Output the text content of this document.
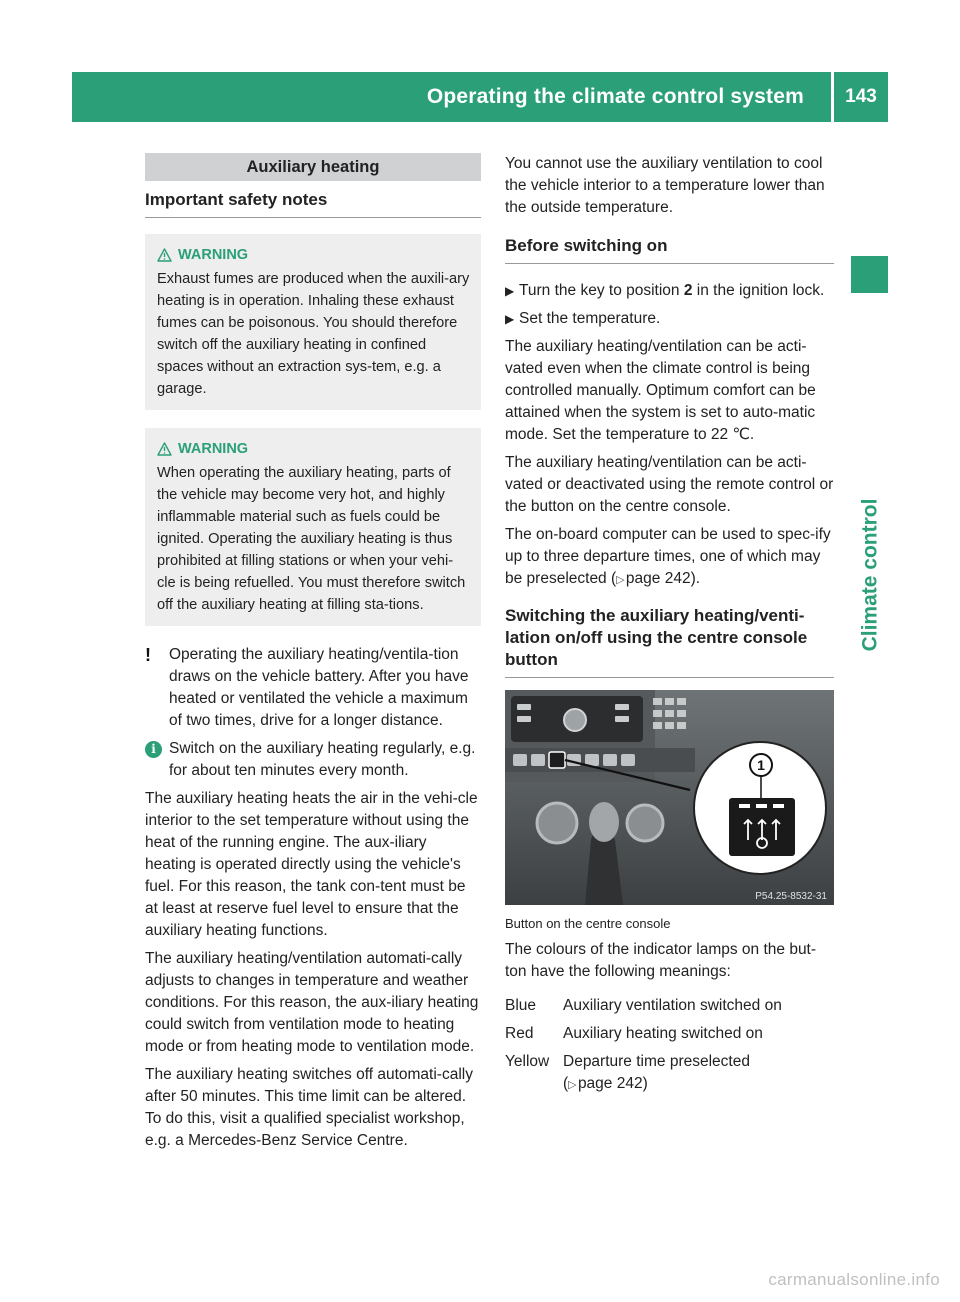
Operating the climate control system	143
Climate control
Auxiliary heating
Important safety notes
WARNING
Exhaust fumes are produced when the auxili-ary heating is in operation. Inhaling these exhaust fumes can be poisonous. You should therefore switch off the auxiliary heating in confined spaces without an extraction sys-tem, e.g. a garage.
WARNING
When operating the auxiliary heating, parts of the vehicle may become very hot, and highly inflammable material such as fuels could be ignited. Operating the auxiliary heating is thus prohibited at filling stations or when your vehi-cle is being refuelled. You must therefore switch off the auxiliary heating at filling sta-tions.
!	Operating the auxiliary heating/ventila-tion draws on the vehicle battery. After you have heated or ventilated the vehicle a maximum of two times, drive for a longer distance.
i Switch on the auxiliary heating regularly, e.g. for about ten minutes every month.

The auxiliary heating heats the air in the vehi-cle interior to the set temperature without using the heat of the running engine. The aux-iliary heating is operated directly using the vehicle's fuel. For this reason, the tank con-tent must be at least at reserve fuel level to ensure that the auxiliary heating functions.

The auxiliary heating/ventilation automati-cally adjusts to changes in temperature and weather conditions. For this reason, the aux-iliary heating could switch from ventilation mode to heating mode or from heating mode to ventilation mode.

The auxiliary heating switches off automati-cally after 50 minutes. This time limit can be altered. To do this, visit a qualified specialist workshop, e.g. a Mercedes-Benz Service Centre.

You cannot use the auxiliary ventilation to cool the vehicle interior to a temperature lower than the outside temperature.

Before switching on
▶ Turn the key to position 2 in the ignition lock.
▶ Set the temperature.

The auxiliary heating/ventilation can be acti-vated even when the climate control is being controlled manually. Optimum comfort can be attained when the system is set to auto-matic mode. Set the temperature to 22 ℃.

The auxiliary heating/ventilation can be acti-vated or deactivated using the remote control or the button on the centre console.

The on-board computer can be used to spec-ify up to three departure times, one of which may be preselected (▷ page 242).

Switching the auxiliary heating/venti-lation on/off using the centre console button
1
P54.25-8532-31
Button on the centre console

The colours of the indicator lamps on the but-ton have the following meanings:

Blue	Auxiliary ventilation switched on
Red	Auxiliary heating switched on
Yellow Departure time preselected
(▷ page 242)
carmanualsonline.info
